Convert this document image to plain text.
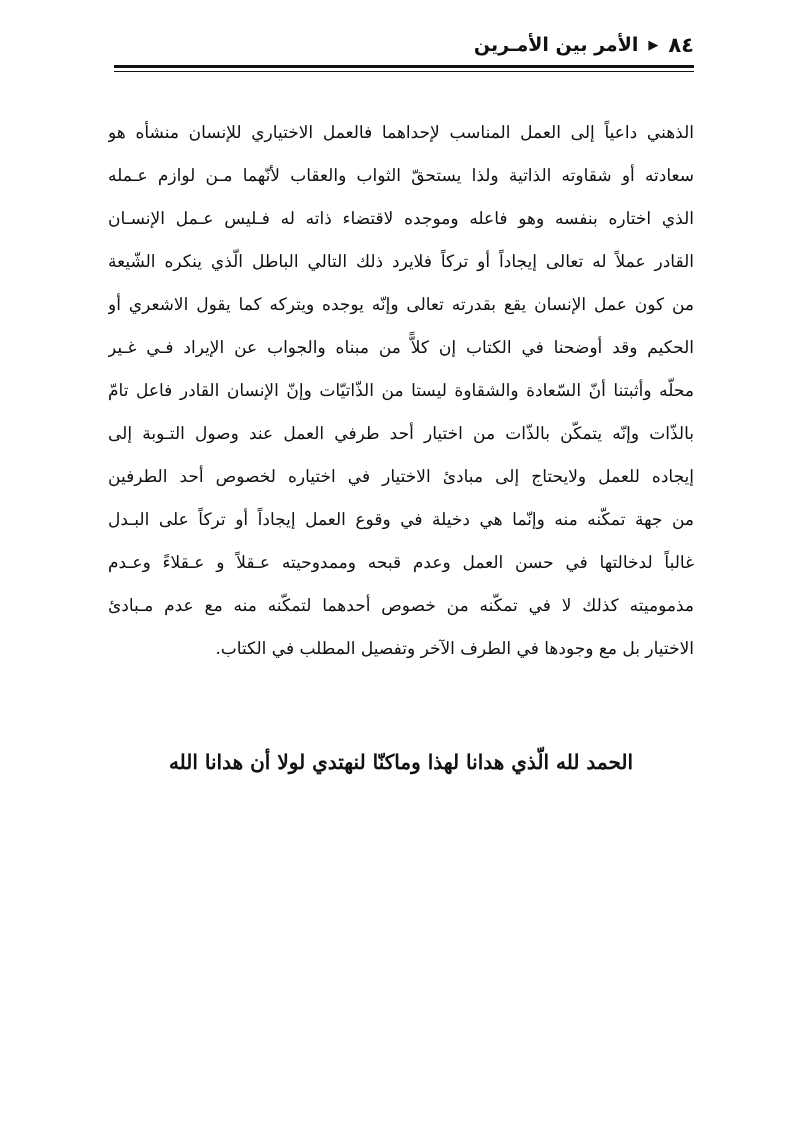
٨٤
▶
الأمر بين الأمـرين
الذهني داعياً إلى العمل المناسب لإحداهما فالعمل الاختياري للإنسان منشأه هو
سعادته أو شقاوته الذاتية ولذا يستحقّ الثواب والعقاب لأنّهما مـن لوازم عـمله
الذي اختاره بنفسه وهو فاعله وموجده لاقتضاء ذاته له فـليس عـمل الإنسـان
القادر عملاً له تعالى إيجاداً أو تركاً فلايرد ذلك التالي الباطل الّذي ينكره الشّيعة
من كون عمل الإنسان يقع بقدرته تعالى وإنّه يوجده ويتركه كما يقول الاشعري أو
الحكيم وقد أوضحنا في الكتاب إن كلاًّ من مبناه والجواب عن الإيراد فـي غـير
محلّه وأثبتنا أنّ السّعادة والشقاوة ليستا من الذّاتيّات وإنّ الإنسان القادر فاعل تامّ
بالذّات وإنّه يتمكّن بالذّات من اختيار أحد طرفي العمل عند وصول التـوبة إلى
إيجاده للعمل ولايحتاج إلى مبادئ الاختيار في اختياره لخصوص أحد الطرفين
من جهة تمكّنه منه وإنّما هي دخيلة في وقوع العمل إيجاداً أو تركاً على البـدل
غالباً لدخالتها في حسن العمل وعدم قبحه وممدوحيته عـقلاً و عـقلاءً وعـدم
مذموميته كذلك لا في تمكّنه من خصوص أحدهما لتمكّنه منه مع عدم مـبادئ
الاختيار بل مع وجودها في الطرف الآخر وتفصيل المطلب في الكتاب.
الحمد لله الّذي هدانا لهذا وماكنّا لنهتدي لولا أن هدانا الله
